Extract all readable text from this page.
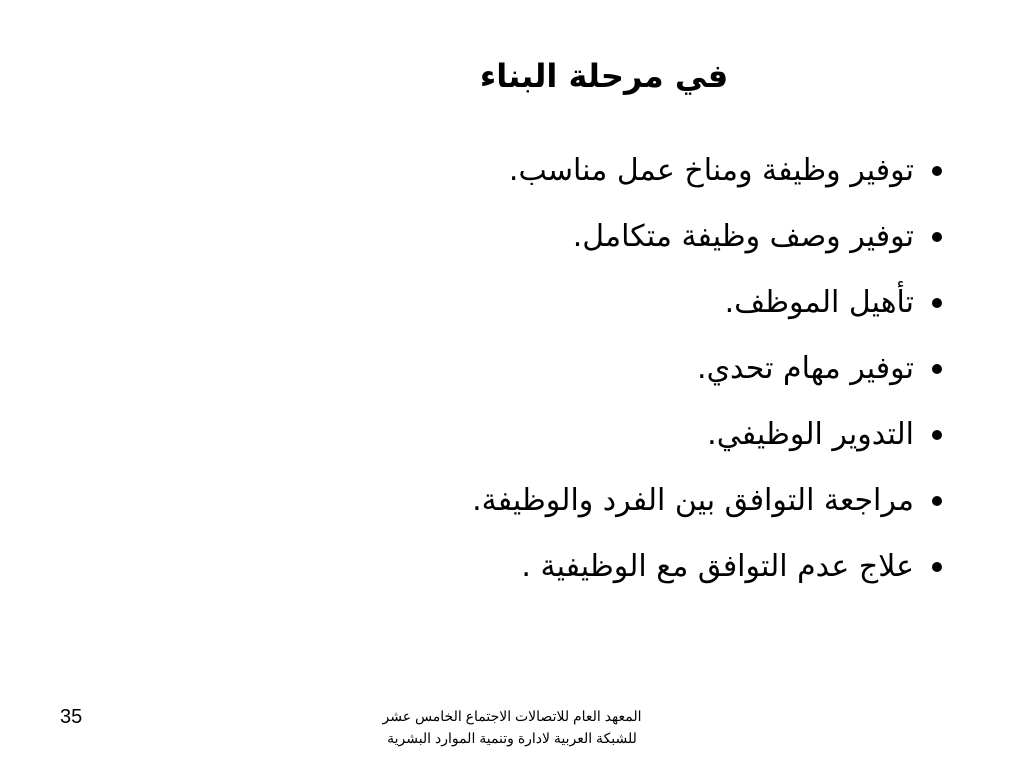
في مرحلة البناء
توفير وظيفة ومناخ عمل مناسب.
توفير وصف وظيفة متكامل.
تأهيل الموظف.
توفير مهام تحدي.
التدوير الوظيفي.
مراجعة التوافق بين الفرد والوظيفة.
علاج عدم التوافق مع الوظيفية .
35	المعهد العام للاتصالات الاجتماع الخامس عشر
للشبكة العربية لادارة وتنمية الموارد البشرية
